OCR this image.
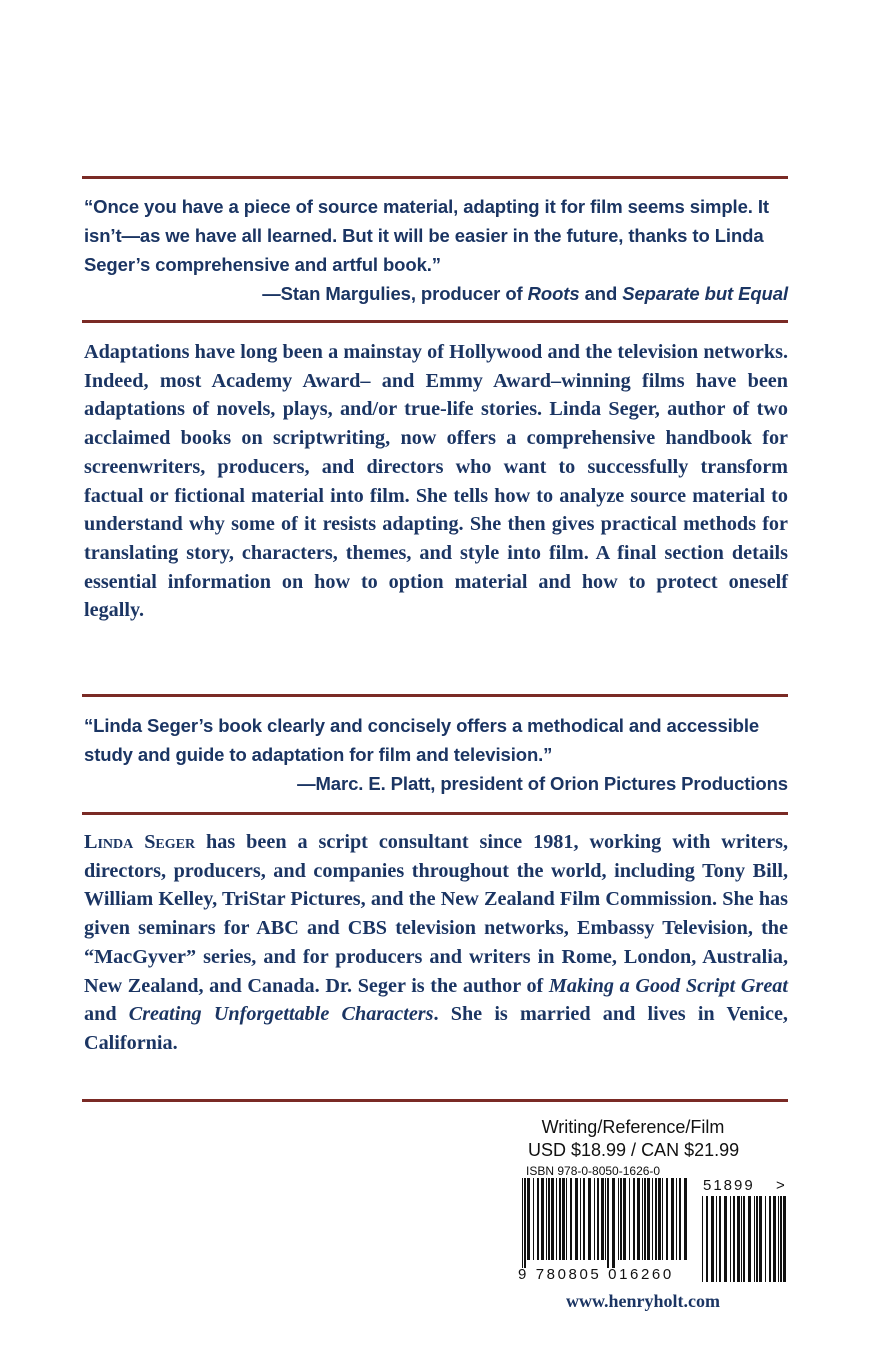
“Once you have a piece of source material, adapting it for film seems simple. It isn’t—as we have all learned. But it will be easier in the future, thanks to Linda Seger’s comprehensive and artful book.”

—Stan Margulies, producer of Roots and Separate but Equal

Adaptations have long been a mainstay of Hollywood and the television networks. Indeed, most Academy Award– and Emmy Award–winning films have been adaptations of novels, plays, and/or true-life stories. Linda Seger, author of two acclaimed books on scriptwriting, now offers a comprehensive handbook for screenwriters, producers, and directors who want to successfully transform factual or fictional material into film. She tells how to analyze source material to understand why some of it resists adapting. She then gives practical methods for translating story, characters, themes, and style into film. A final section details essential information on how to option material and how to protect oneself legally.

“Linda Seger’s book clearly and concisely offers a methodical and accessible study and guide to adaptation for film and television.”

—Marc. E. Platt, president of Orion Pictures Productions

Linda Seger has been a script consultant since 1981, working with writers, directors, producers, and companies throughout the world, including Tony Bill, William Kelley, TriStar Pictures, and the New Zealand Film Commission. She has given seminars for ABC and CBS television networks, Embassy Television, the “MacGyver” series, and for producers and writers in Rome, London, Australia, New Zealand, and Canada. Dr. Seger is the author of Making a Good Script Great and Creating Unforgettable Characters. She is married and lives in Venice, California.

Writing/Reference/Film
USD $18.99 / CAN $21.99
ISBN 978-0-8050-1626-0
9 780805 016260
51899 >
www.henryholt.com
